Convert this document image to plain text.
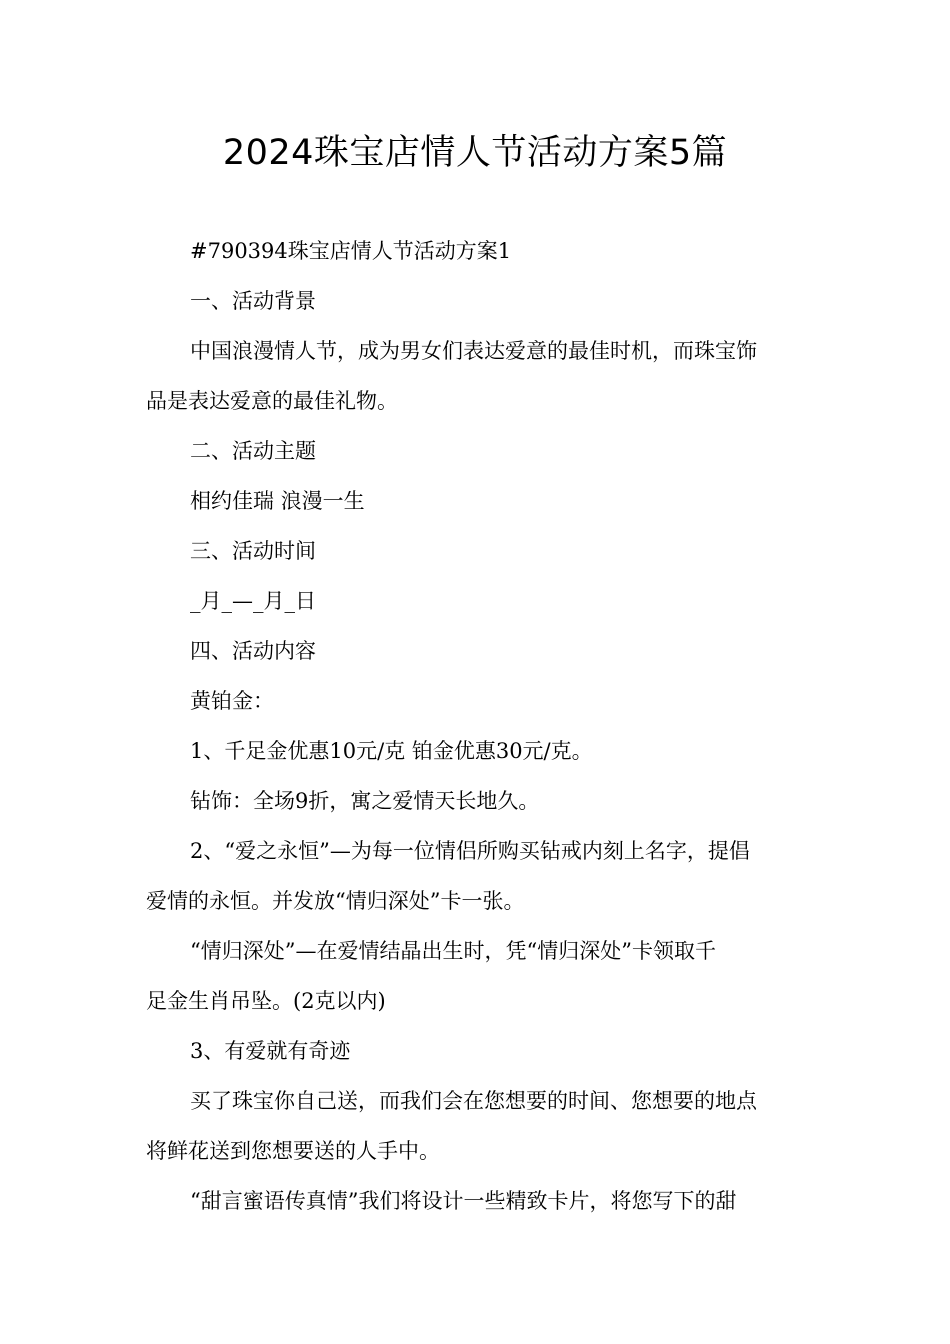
2024珠宝店情人节活动方案5篇
#790394珠宝店情人节活动方案1
一、活动背景
中国浪漫情人节，成为男女们表达爱意的最佳时机，而珠宝饰
品是表达爱意的最佳礼物。
二、活动主题
相约佳瑞 浪漫一生
三、活动时间
_月_—_月_日
四、活动内容
黄铂金：
1、千足金优惠10元/克 铂金优惠30元/克。
钻饰：全场9折，寓之爱情天长地久。
2、“爱之永恒”—为每一位情侣所购买钻戒内刻上名字，提倡
爱情的永恒。并发放“情归深处”卡一张。
“情归深处”—在爱情结晶出生时，凭“情归深处”卡领取千
足金生肖吊坠。(2克以内)
3、有爱就有奇迹
买了珠宝你自己送，而我们会在您想要的时间、您想要的地点
将鲜花送到您想要送的人手中。
“甜言蜜语传真情”我们将设计一些精致卡片，将您写下的甜
